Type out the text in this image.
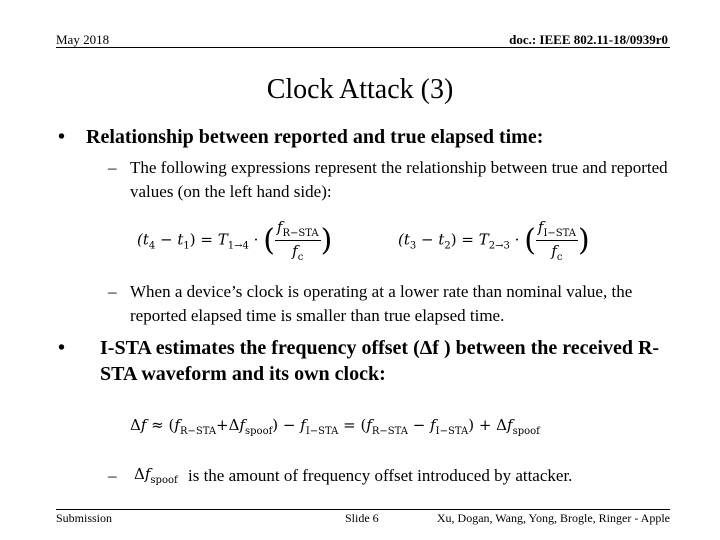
May 2018	doc.: IEEE 802.11-18/0939r0
Clock Attack (3)
•	Relationship between reported and true elapsed time:
– The following expressions represent the relationship between true and reported values (on the left hand side):
$(t_4 - t_1) = T_{1\to 4}$ · ( $\frac{f_{R-STA}}{f_c}$ )	$(t_3 - t_2) = T_{2\to 3}$ · ( $\frac{f_{I-STA}}{f_c}$ )
– When a device’s clock is operating at a lower rate than nominal value, the reported elapsed time is smaller than true elapsed time.
•	I-STA estimates the frequency offset (Δf ) between the received R-STA waveform and its own clock:
$\Delta f \approx (f_{R-STA}+\Delta f_{spoof}) - f_{I-STA} = (f_{R-STA} - f_{I-STA}) + \Delta f_{spoof}$
– $\Delta f_{spoof}$ is the amount of frequency offset introduced by attacker.
Submission	Slide 6	Xu, Dogan, Wang, Yong, Brogle, Ringer - Apple
